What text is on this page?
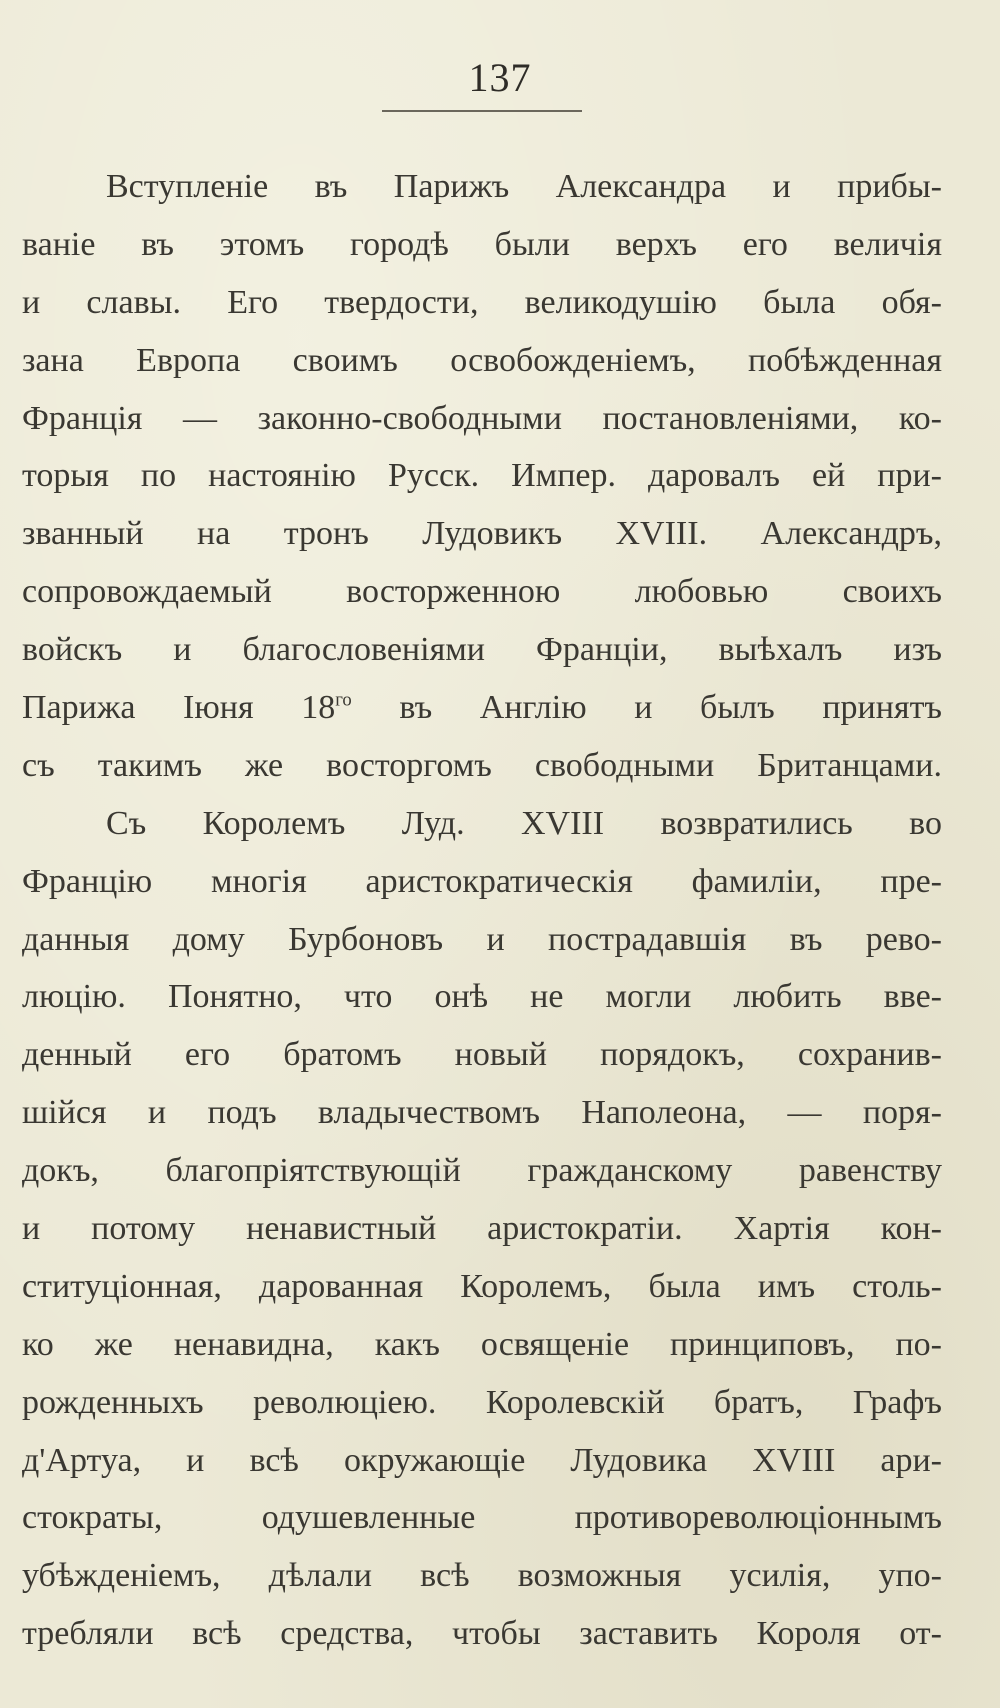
137
Вступленіе въ Парижъ Александра и прибы-
ваніе въ этомъ городѣ были верхъ его величія
и славы. Его твердости, великодушію была обя-
зана Европа своимъ освобожденіемъ, побѣжденная
Францiя — законно-свободными постановленiями, ко-
торыя по настоянію Русск. Импер. даровалъ ей при-
званный на тронъ Лудовикъ XVIII. Александръ,
сопровождаемый восторженною любовью своихъ
войскъ и благословеніями Франціи, выѣхалъ изъ
Парижа Іюня $18^{го}$ въ Англію и былъ принятъ
съ такимъ же восторгомъ свободными Британцами.
Съ Королемъ Луд. XVIII возвратились во
Францію многія аристократическія фамиліи, пре-
данныя дому Бурбоновъ и пострадавшія въ рево-
люцію. Понятно, что онѣ не могли любить вве-
денный его братомъ новый порядокъ, сохранив-
шійся и подъ владычествомъ Наполеона, — поря-
докъ, благопріятствующій гражданскому равенству
и потому ненавистный аристократіи. Хартія кон-
ституціонная, дарованная Королемъ, была имъ столь-
ко же ненавидна, какъ освященіе принциповъ, по-
рожденныхъ революціею. Королевскій братъ, Графъ
д'Артуа, и всѣ окружающіе Лудовика XVIII ари-
стократы, одушевленные противореволюціоннымъ
убѣжденіемъ, дѣлали всѣ возможныя усилія, упо-
требляли всѣ средства, чтобы заставить Короля от-
